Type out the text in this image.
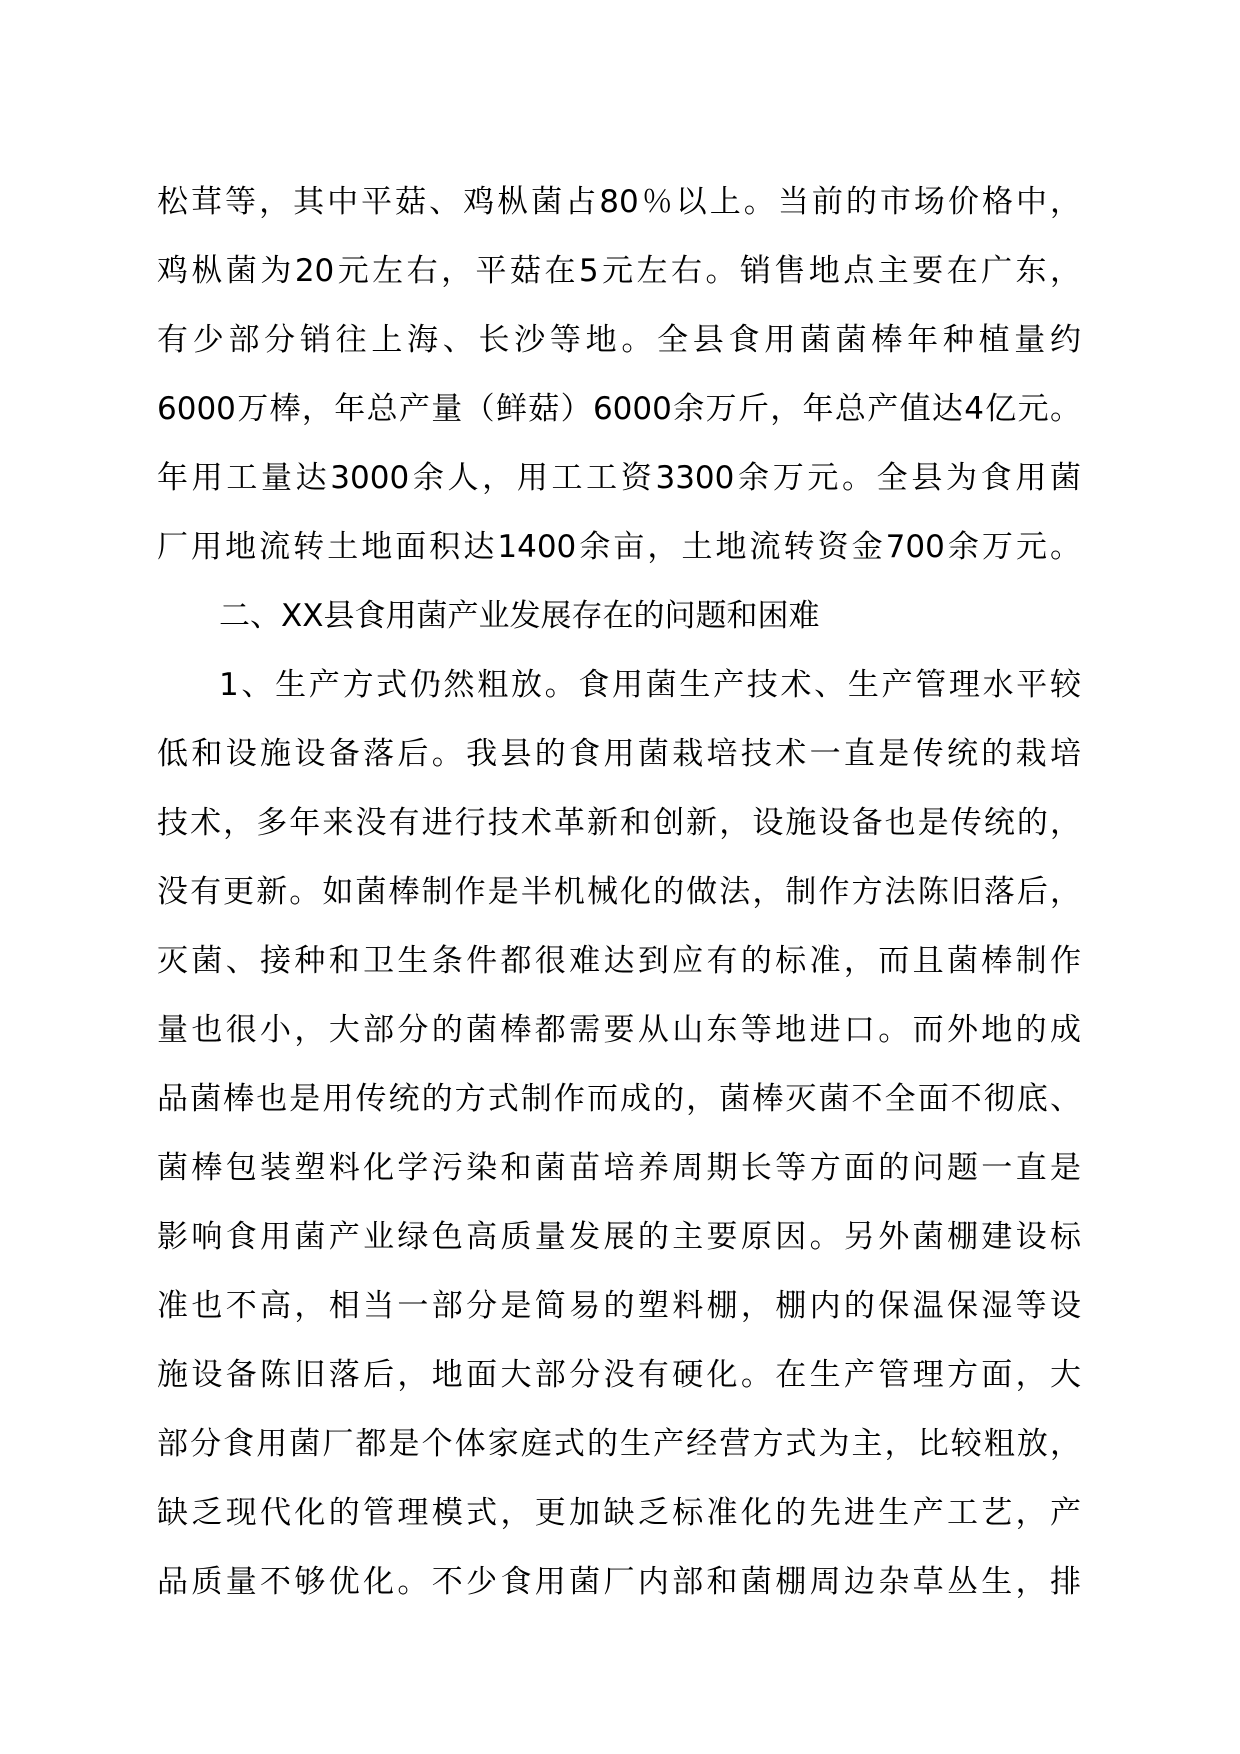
松茸等，其中平菇、鸡枞菌占80％以上。当前的市场价格中，
鸡枞菌为20元左右，平菇在5元左右。销售地点主要在广东，
有少部分销往上海、长沙等地。全县食用菌菌棒年种植量约
6000万棒，年总产量（鲜菇）6000余万斤，年总产值达4亿元。
年用工量达3000余人，用工工资3300余万元。全县为食用菌
厂用地流转土地面积达1400余亩，土地流转资金700余万元。
二、XX县食用菌产业发展存在的问题和困难
1、生产方式仍然粗放。食用菌生产技术、生产管理水平较
低和设施设备落后。我县的食用菌栽培技术一直是传统的栽培
技术，多年来没有进行技术革新和创新，设施设备也是传统的，
没有更新。如菌棒制作是半机械化的做法，制作方法陈旧落后，
灭菌、接种和卫生条件都很难达到应有的标准，而且菌棒制作
量也很小，大部分的菌棒都需要从山东等地进口。而外地的成
品菌棒也是用传统的方式制作而成的，菌棒灭菌不全面不彻底、
菌棒包装塑料化学污染和菌苗培养周期长等方面的问题一直是
影响食用菌产业绿色高质量发展的主要原因。另外菌棚建设标
准也不高，相当一部分是简易的塑料棚，棚内的保温保湿等设
施设备陈旧落后，地面大部分没有硬化。在生产管理方面，大
部分食用菌厂都是个体家庭式的生产经营方式为主，比较粗放，
缺乏现代化的管理模式，更加缺乏标准化的先进生产工艺，产
品质量不够优化。不少食用菌厂内部和菌棚周边杂草丛生，排
